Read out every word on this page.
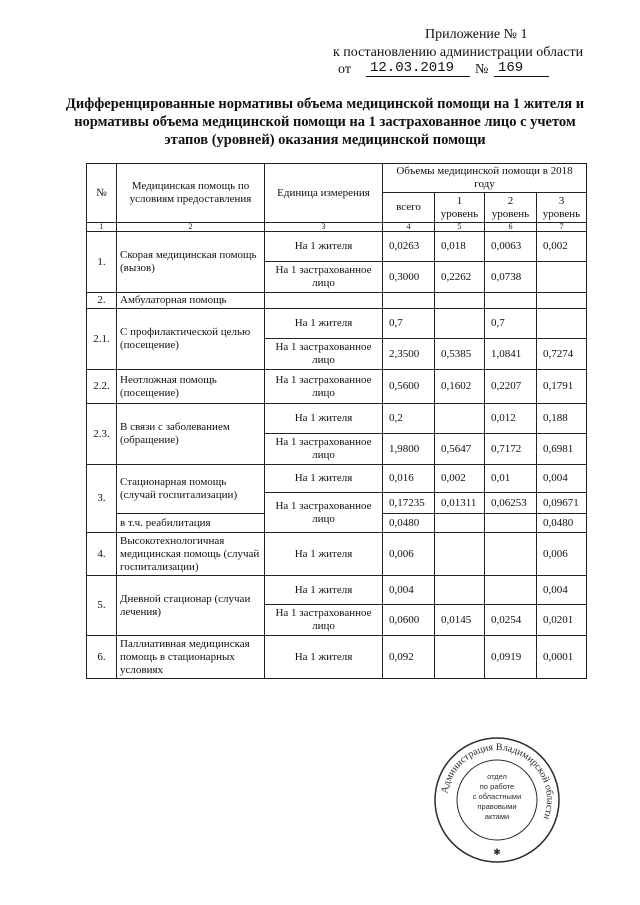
Приложение № 1
к постановлению администрации области
от 12.03.2019	№ 169
Дифференцированные нормативы объема медицинской помощи на 1 жителя и нормативы объема медицинской помощи на 1 застрахованное лицо с учетом этапов (уровней) оказания медицинской помощи
№	Медицинская помощь по условиям предоставления	Единица измерения	Объемы медицинской помощи в 2018 году			
			всего	1 уровень	2 уровень	3 уровень
1	2	3	4	5	6	7
1.	Скорая медицинская помощь (вызов)	На 1 жителя	0,0263	0,018	0,0063	0,002
		На 1 застрахованное лицо	0,3000	0,2262	0,0738	
2.	Амбулаторная помощь					
2.1.	С профилактической целью (посещение)	На 1 жителя	0,7		0,7	
		На 1 застрахованное лицо	2,3500	0,5385	1,0841	0,7274
2.2.	Неотложная помощь (посещение)	На 1 застрахованное лицо	0,5600	0,1602	0,2207	0,1791
2.3.	В связи с заболеванием (обращение)	На 1 жителя	0,2		0,012	0,188
		На 1 застрахованное лицо	1,9800	0,5647	0,7172	0,6981
3.	Стационарная помощь (случай госпитализации)	На 1 жителя	0,016	0,002	0,01	0,004
		На 1 застрахованное лицо	0,17235	0,01311	0,06253	0,09671
	в т.ч. реабилитация		0,0480			0,0480
4.	Высокотехнологичная медицинская помощь (случай госпитализации)	На 1 жителя	0,006			0,006
5.	Дневной стационар (случаи лечения)	На 1 жителя	0,004			0,004
		На 1 застрахованное лицо	0,0600	0,0145	0,0254	0,0201
6.	Паллиативная медицинская помощь в стационарных условиях	На 1 жителя	0,092		0,0919	0,0001
Администрация Владимирской области
отдел
по работе
с областными
правовыми
актами
✱
